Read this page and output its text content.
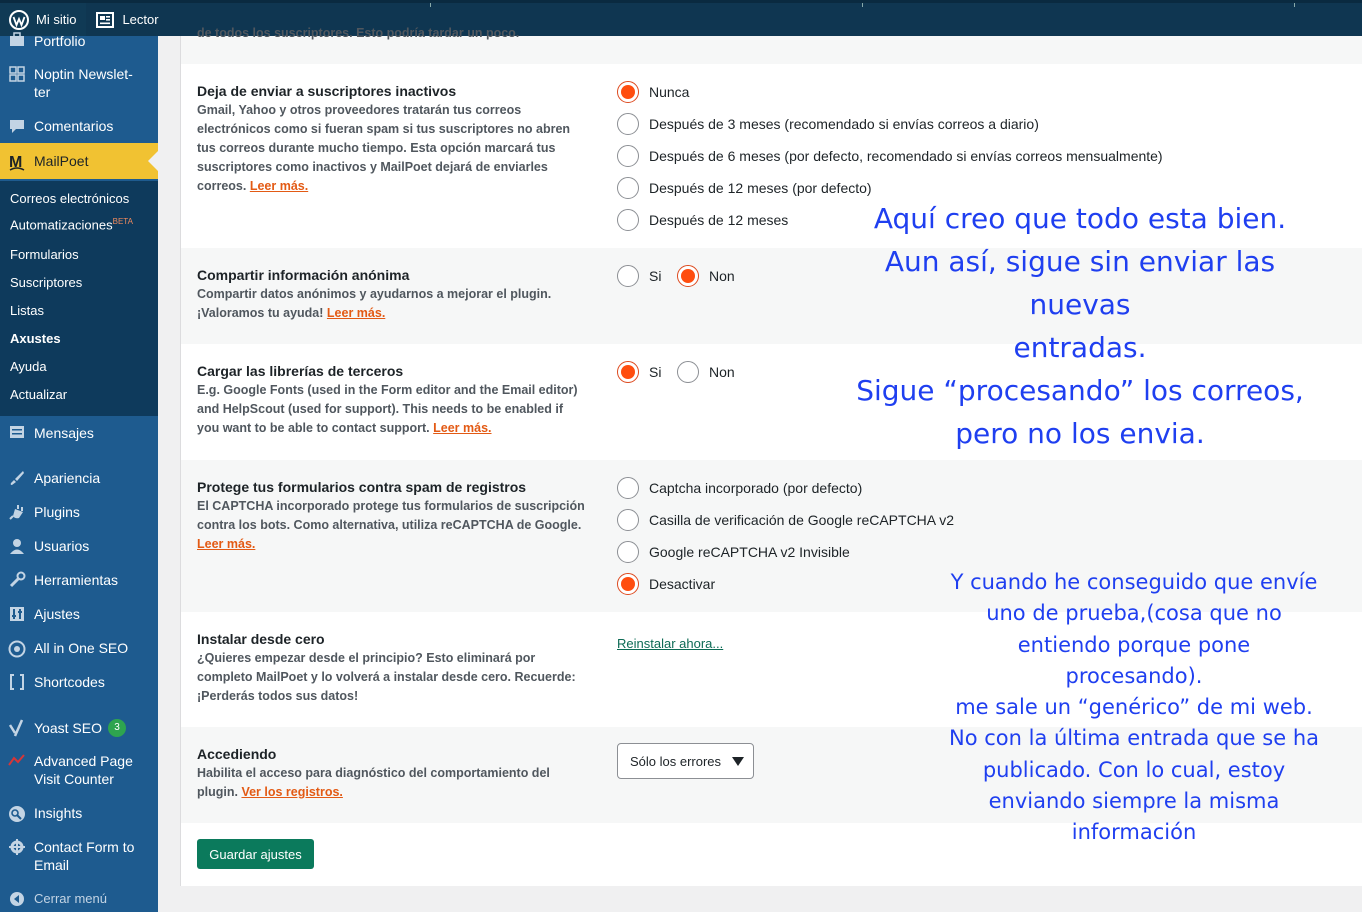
Mi sitio	Lector
Portfolio
Noptin Newslet-ter
Comentarios
M MailPoet
Correos electrónicos
Automatizaciones$^{BETA}$
Formularios
Suscriptores
Listas
Axustes
Ayuda
Actualizar
Mensajes
Apariencia
Plugins
Usuarios
Herramientas
Ajustes
All in One SEO
Shortcodes
Yoast SEO	3
Advanced Page Visit Counter
Insights
Contact Form to Email
Cerrar menú
de todos los suscriptores. Esto podría tardar un poco.
Deja de enviar a suscriptores inactivos
Gmail, Yahoo y otros proveedores tratarán tus correos electrónicos como si fueran spam si tus suscriptores no abren tus correos durante mucho tiempo. Esta opción marcará tus suscriptores como inactivos y MailPoet dejará de enviarles correos. Leer más.
Nunca
Después de 3 meses (recomendado si envías correos a diario)
Después de 6 meses (por defecto, recomendado si envías correos mensualmente)
Después de 12 meses (por defecto)
Después de 12 meses
Compartir información anónima
Compartir datos anónimos y ayudarnos a mejorar el plugin. ¡Valoramos tu ayuda! Leer más.
Si	Non
Cargar las librerías de terceros
E.g. Google Fonts (used in the Form editor and the Email editor) and HelpScout (used for support). This needs to be enabled if you want to be able to contact support. Leer más.
Si	Non
Protege tus formularios contra spam de registros
El CAPTCHA incorporado protege tus formularios de suscripción contra los bots. Como alternativa, utiliza reCAPTCHA de Google. Leer más.
Captcha incorporado (por defecto)
Casilla de verificación de Google reCAPTCHA v2
Google reCAPTCHA v2 Invisible
Desactivar
Instalar desde cero
¿Quieres empezar desde el principio? Esto eliminará por completo MailPoet y lo volverá a instalar desde cero. Recuerde: ¡Perderás todos sus datos!
Reinstalar ahora...
Accediendo
Habilita el acceso para diagnóstico del comportamiento del plugin. Ver los registros.
Sólo los errores
Guardar ajustes
Aquí creo que todo esta bien.
Aun así, sigue sin enviar las nuevas
entradas.
Sigue “procesando” los correos,
pero no los envia.
Y cuando he conseguido que envíe
uno de prueba,(cosa que no
entiendo porque pone
procesando).
me sale un “genérico” de mi web.
No con la última entrada que se ha
publicado. Con lo cual, estoy
enviando siempre la misma
información
